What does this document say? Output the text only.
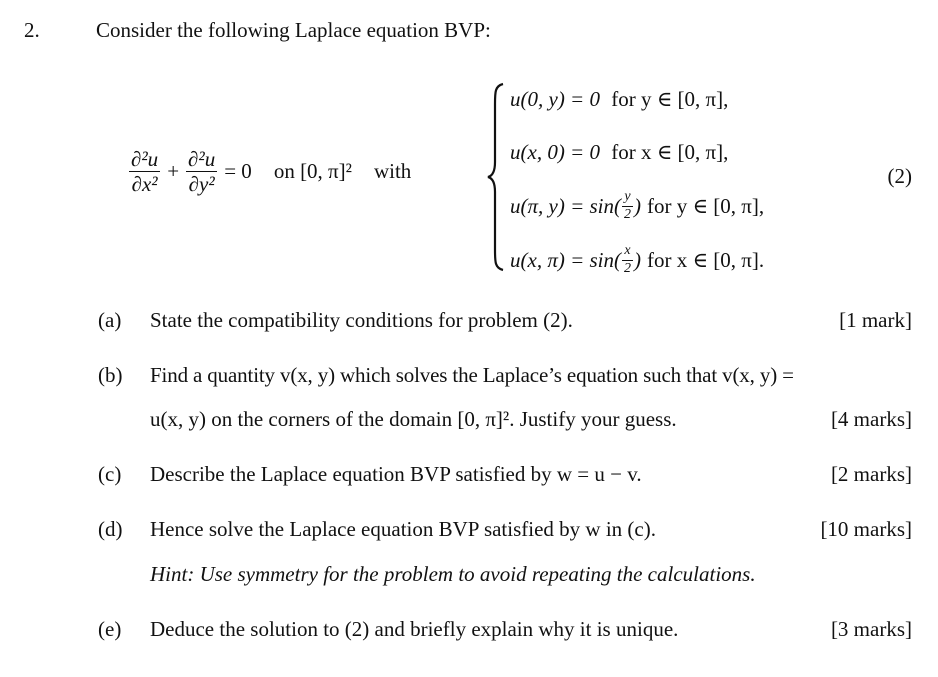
2.	Consider the following Laplace equation BVP:
$\frac{\text{∂²u}}{\text{∂x²}} + \frac{\text{∂²u}}{\text{∂y²}} = 0$ on [0, π]² with
u(0, y) = 0 for y ∈ [0, π],
u(x, 0) = 0 for x ∈ [0, π],
u(π, $y) = \sin( \frac{y}{2}$ ) for y ∈ [0, π],
u(x, $\pi) = \sin( \frac{x}{2}$ ) for x ∈ [0, π].
(2)
(a) State the compatibility conditions for problem (2).	[1 mark]
(b) Find a quantity v(x, y) which solves the Laplace’s equation such that v(x, y) =
u(x, y) on the corners of the domain [0, π]². Justify your guess.	[4 marks]
(c) Describe the Laplace equation BVP satisfied by w = u − v.	[2 marks]
(d) Hence solve the Laplace equation BVP satisfied by w in (c).	[10 marks]
Hint: Use symmetry for the problem to avoid repeating the calculations.
(e) Deduce the solution to (2) and briefly explain why it is unique.	[3 marks]
